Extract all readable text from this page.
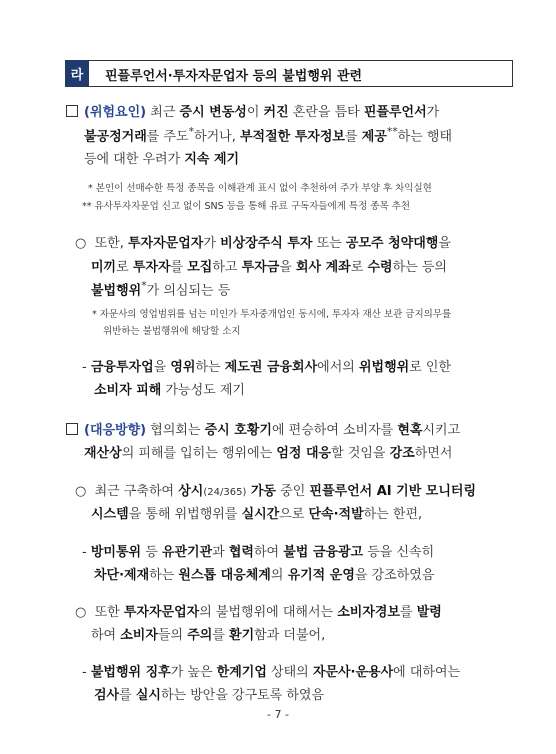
라	핀플루언서·투자자문업자 등의 불법행위 관련
(위험요인) 최근 증시 변동성이 커진 혼란을 틈타 핀플루언서가
불공정거래를 주도*하거나, 부적절한 투자정보를 제공**하는 행태
등에 대한 우려가 지속 제기
* 본인이 선매수한 특정 종목을 이해관계 표시 없이 추천하여 주가 부양 후 차익실현
** 유사투자자문업 신고 없이 SNS 등을 통해 유료 구독자들에게 특정 종목 추천
○ 또한, 투자자문업자가 비상장주식 투자 또는 공모주 청약대행을
미끼로 투자자를 모집하고 투자금을 회사 계좌로 수령하는 등의
불법행위*가 의심되는 등
* 자문사의 영업범위를 넘는 미인가 투자중개업인 동시에, 투자자 재산 보관 금지의무를
위반하는 불법행위에 해당할 소지
- 금융투자업을 영위하는 제도권 금융회사에서의 위법행위로 인한
소비자 피해 가능성도 제기
(대응방향) 협의회는 증시 호황기에 편승하여 소비자를 현혹시키고
재산상의 피해를 입히는 행위에는 엄정 대응할 것임을 강조하면서
○ 최근 구축하여 상시(24/365) 가동 중인 핀플루언서 AI 기반 모니터링
시스템을 통해 위법행위를 실시간으로 단속·적발하는 한편,
- 방미통위 등 유관기관과 협력하여 불법 금융광고 등을 신속히
차단·제재하는 원스톱 대응체계의 유기적 운영을 강조하였음
○ 또한 투자자문업자의 불법행위에 대해서는 소비자경보를 발령
하여 소비자들의 주의를 환기함과 더불어,
- 불법행위 징후가 높은 한계기업 상태의 자문사·운용사에 대하여는
검사를 실시하는 방안을 강구토록 하였음
- 7 -
